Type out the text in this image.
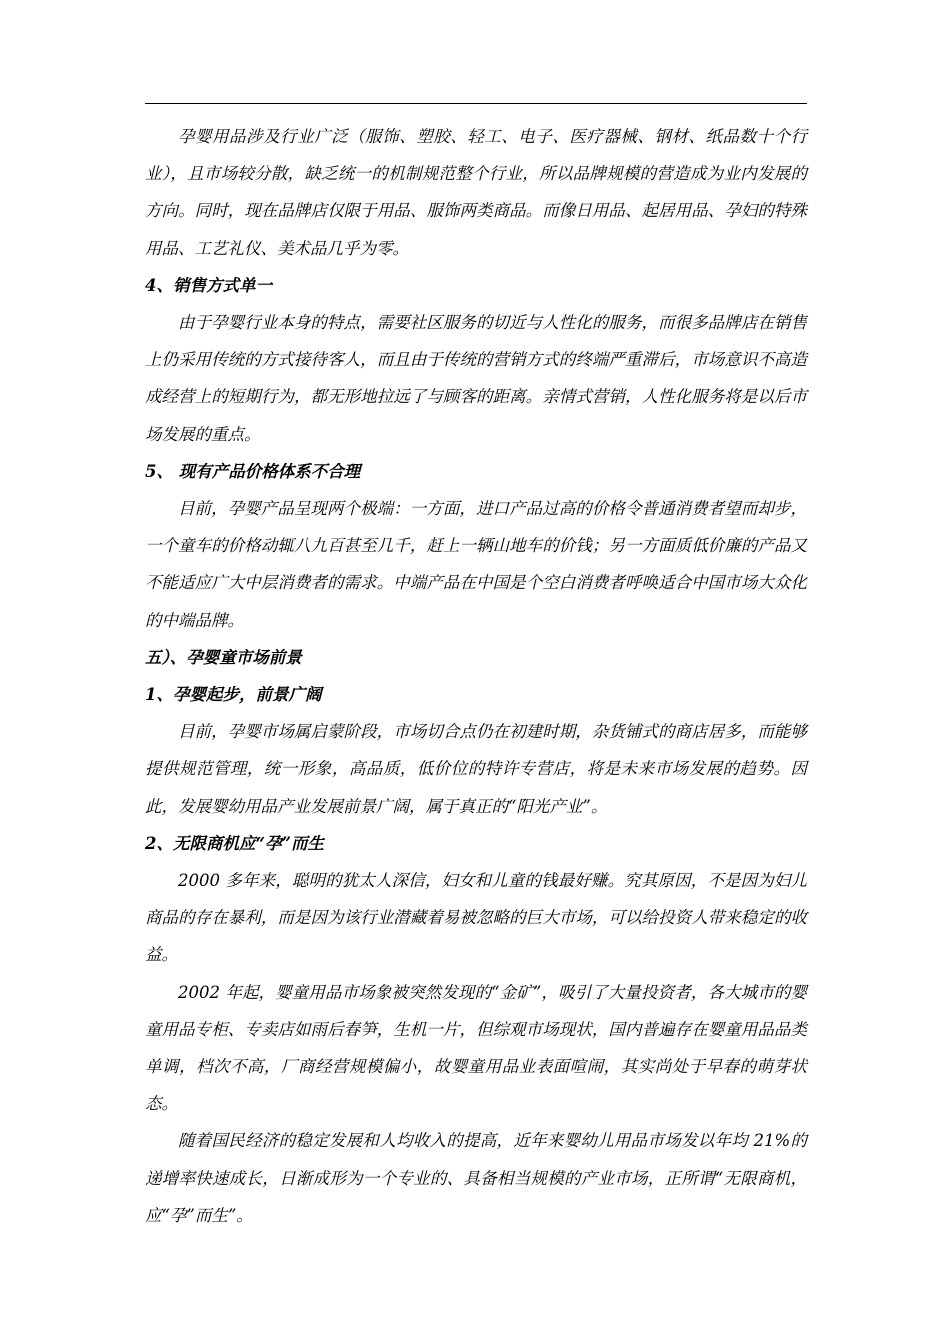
孕婴用品涉及行业广泛（服饰、塑胶、轻工、电子、医疗器械、钢材、纸品数十个行业），且市场较分散，缺乏统一的机制规范整个行业，所以品牌规模的营造成为业内发展的方向。同时，现在品牌店仅限于用品、服饰两类商品。而像日用品、起居用品、孕妇的特殊用品、工艺礼仪、美术品几乎为零。

4、销售方式单一

由于孕婴行业本身的特点，需要社区服务的切近与人性化的服务，而很多品牌店在销售上仍采用传统的方式接待客人，而且由于传统的营销方式的终端严重滞后，市场意识不高造成经营上的短期行为，都无形地拉远了与顾客的距离。亲情式营销，人性化服务将是以后市场发展的重点。

5、 现有产品价格体系不合理

目前，孕婴产品呈现两个极端：一方面，进口产品过高的价格令普通消费者望而却步，一个童车的价格动辄八九百甚至几千，赶上一辆山地车的价钱；另一方面质低价廉的产品又不能适应广大中层消费者的需求。中端产品在中国是个空白消费者呼唤适合中国市场大众化的中端品牌。

五）、孕婴童市场前景

1、孕婴起步，前景广阔

目前，孕婴市场属启蒙阶段，市场切合点仍在初建时期，杂货铺式的商店居多，而能够提供规范管理，统一形象，高品质，低价位的特许专营店，将是未来市场发展的趋势。因此，发展婴幼用品产业发展前景广阔，属于真正的“阳光产业”。

2、无限商机应“孕”而生

2000 多年来，聪明的犹太人深信，妇女和儿童的钱最好赚。究其原因，不是因为妇儿商品的存在暴利，而是因为该行业潜藏着易被忽略的巨大市场，可以给投资人带来稳定的收益。

2002 年起，婴童用品市场象被突然发现的“金矿”，吸引了大量投资者，各大城市的婴童用品专柜、专卖店如雨后春笋，生机一片，但综观市场现状，国内普遍存在婴童用品品类单调，档次不高，厂商经营规模偏小，故婴童用品业表面喧闹，其实尚处于早春的萌芽状态。

随着国民经济的稳定发展和人均收入的提高，近年来婴幼儿用品市场发以年均 21%的递增率快速成长，日渐成形为一个专业的、具备相当规模的产业市场，正所谓“无限商机，应“孕”而生”。
